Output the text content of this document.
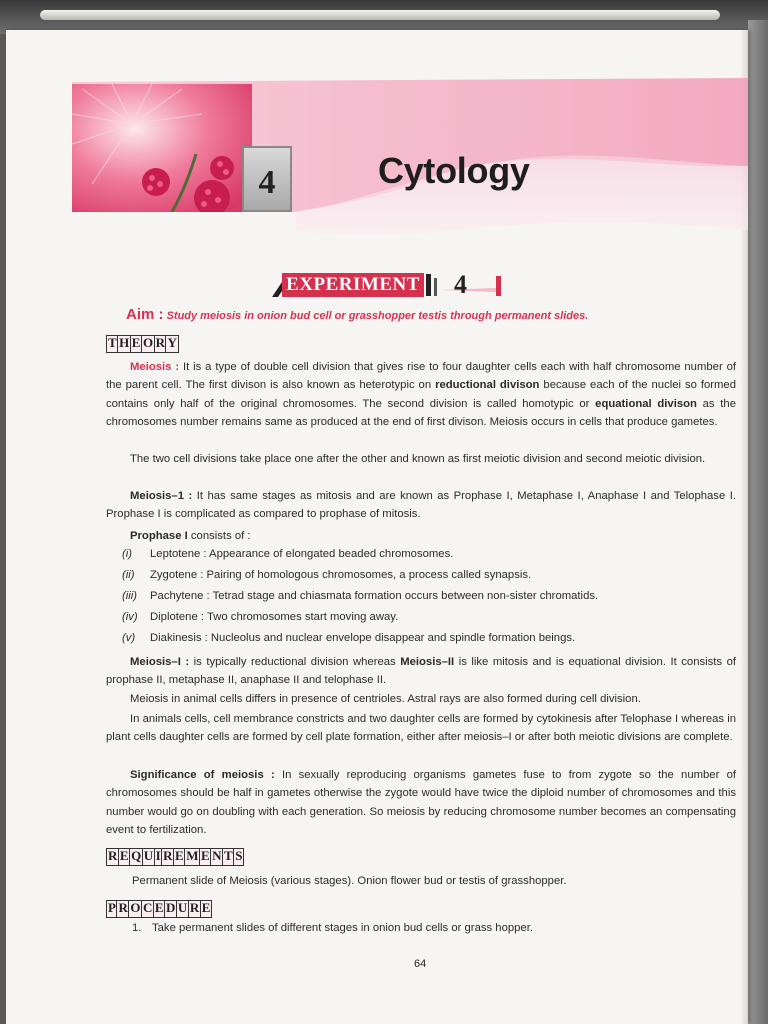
4	Cytology
EXPERIMENT 4
Aim : Study meiosis in onion bud cell or grasshopper testis through permanent slides.
T H E O R Y
Meiosis : It is a type of double cell division that gives rise to four daughter cells each with half chromosome number of the parent cell. The first divison is also known as heterotypic on reductional divison because each of the nuclei so formed contains only half of the original chromosomes. The second division is called homotypic or equational divison as the chromosomes number remains same as produced at the end of first divison. Meiosis occurs in cells that produce gametes.
The two cell divisions take place one after the other and known as first meiotic division and second meiotic division.
Meiosis–1 : It has same stages as mitosis and are known as Prophase I, Metaphase I, Anaphase I and Telophase I. Prophase I is complicated as compared to prophase of mitosis.
Prophase I consists of :
(i) Leptotene : Appearance of elongated beaded chromosomes.
(ii) Zygotene : Pairing of homologous chromosomes, a process called synapsis.
(iii) Pachytene : Tetrad stage and chiasmata formation occurs between non-sister chromatids.
(iv) Diplotene : Two chromosomes start moving away.
(v) Diakinesis : Nucleolus and nuclear envelope disappear and spindle formation beings.
Meiosis–I : is typically reductional division whereas Meiosis–II is like mitosis and is equational division. It consists of prophase II, metaphase II, anaphase II and telophase II.
Meiosis in animal cells differs in presence of centrioles. Astral rays are also formed during cell division.
In animals cells, cell membrance constricts and two daughter cells are formed by cytokinesis after Telophase I whereas in plant cells daughter cells are formed by cell plate formation, either after meiosis–I or after both meiotic divisions are complete.
Significance of meiosis : In sexually reproducing organisms gametes fuse to from zygote so the number of chromosomes should be half in gametes otherwise the zygote would have twice the diploid number of chromosomes and this number would go on doubling with each generation. So meiosis by reducing chromosome number becomes an compensating event to fertilization.
R E Q U I R E M E N T S
Permanent slide of Meiosis (various stages). Onion flower bud or testis of grasshopper.
P R O C E D U R E
1. Take permanent slides of different stages in onion bud cells or grass hopper.
64
